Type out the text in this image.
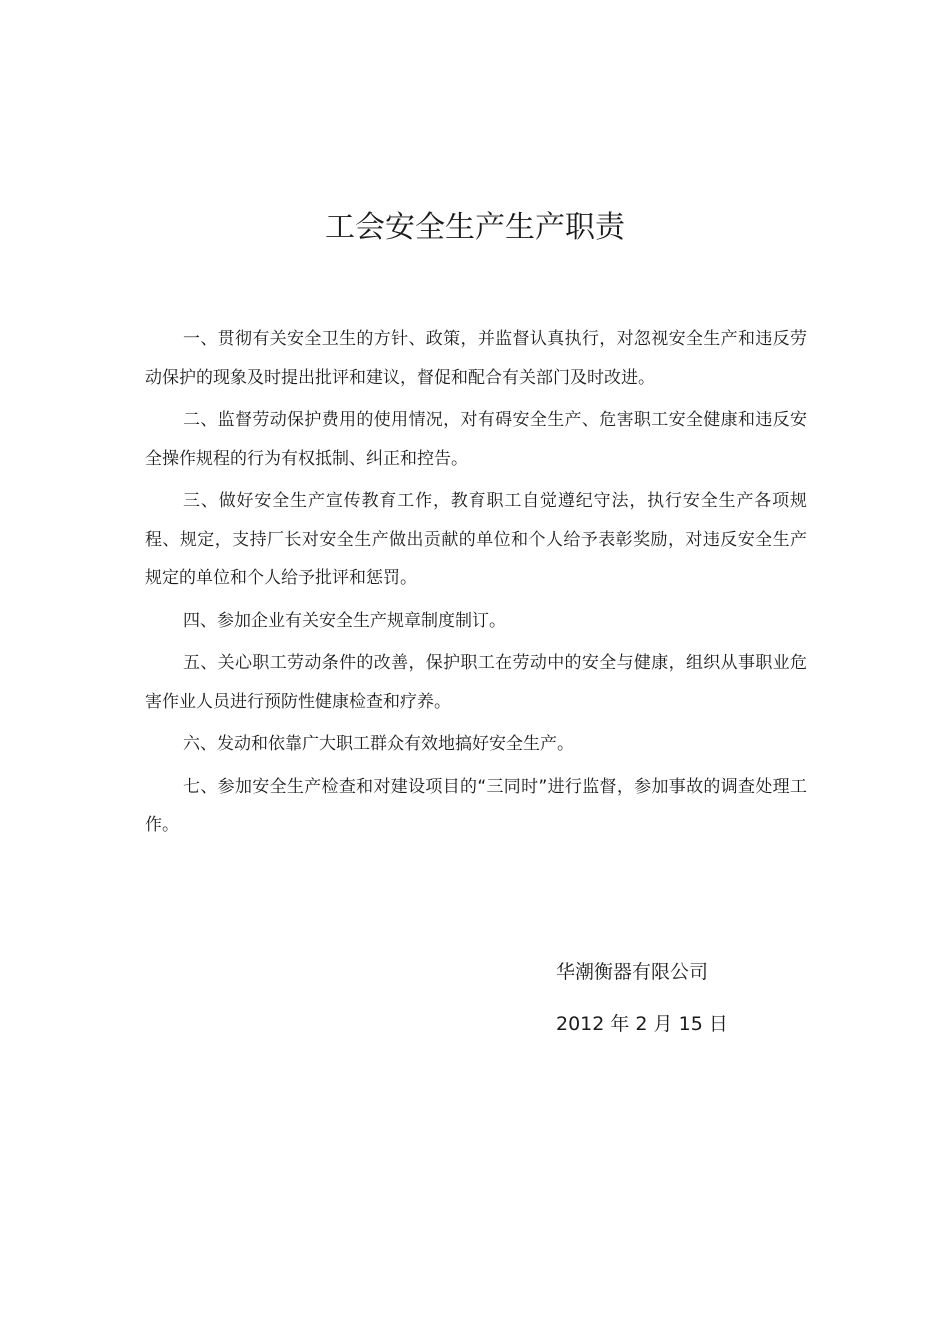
工会安全生产生产职责

一、贯彻有关安全卫生的方针、政策，并监督认真执行，对忽视安全生产和违反劳动保护的现象及时提出批评和建议，督促和配合有关部门及时改进。

二、监督劳动保护费用的使用情况，对有碍安全生产、危害职工安全健康和违反安全操作规程的行为有权抵制、纠正和控告。

三、做好安全生产宣传教育工作，教育职工自觉遵纪守法，执行安全生产各项规程、规定，支持厂长对安全生产做出贡献的单位和个人给予表彰奖励，对违反安全生产规定的单位和个人给予批评和惩罚。

四、参加企业有关安全生产规章制度制订。

五、关心职工劳动条件的改善，保护职工在劳动中的安全与健康，组织从事职业危害作业人员进行预防性健康检查和疗养。

六、发动和依靠广大职工群众有效地搞好安全生产。

七、参加安全生产检查和对建设项目的“三同时”进行监督，参加事故的调查处理工作。

华潮衡器有限公司

2012 年 2 月 15 日
